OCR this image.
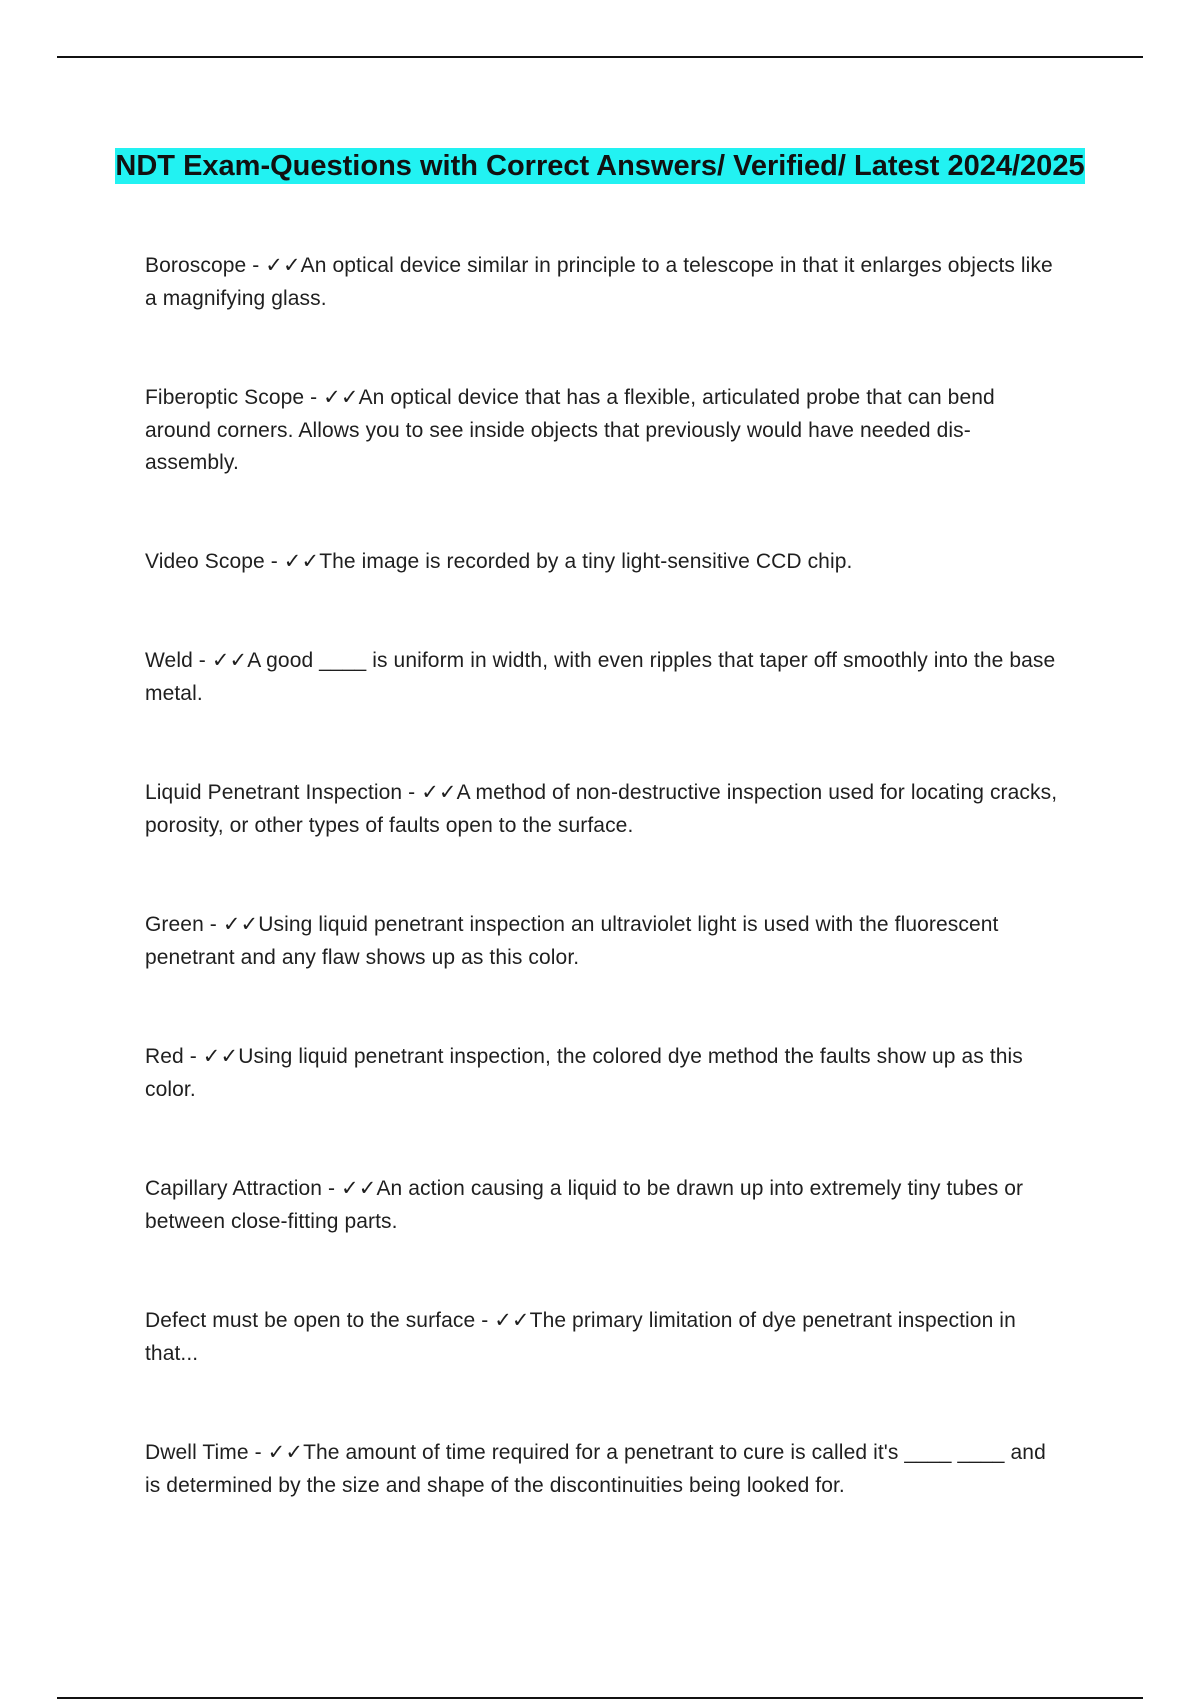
NDT Exam-Questions with Correct Answers/ Verified/ Latest 2024/2025
Boroscope - ✓✓An optical device similar in principle to a telescope in that it enlarges objects like a magnifying glass.
Fiberoptic Scope - ✓✓An optical device that has a flexible, articulated probe that can bend around corners. Allows you to see inside objects that previously would have needed dis-assembly.
Video Scope - ✓✓The image is recorded by a tiny light-sensitive CCD chip.
Weld - ✓✓A good ____ is uniform in width, with even ripples that taper off smoothly into the base metal.
Liquid Penetrant Inspection - ✓✓A method of non-destructive inspection used for locating cracks, porosity, or other types of faults open to the surface.
Green - ✓✓Using liquid penetrant inspection an ultraviolet light is used with the fluorescent penetrant and any flaw shows up as this color.
Red - ✓✓Using liquid penetrant inspection, the colored dye method the faults show up as this color.
Capillary Attraction - ✓✓An action causing a liquid to be drawn up into extremely tiny tubes or between close-fitting parts.
Defect must be open to the surface - ✓✓The primary limitation of dye penetrant inspection in that...
Dwell Time - ✓✓The amount of time required for a penetrant to cure is called it's ____ ____ and is determined by the size and shape of the discontinuities being looked for.
